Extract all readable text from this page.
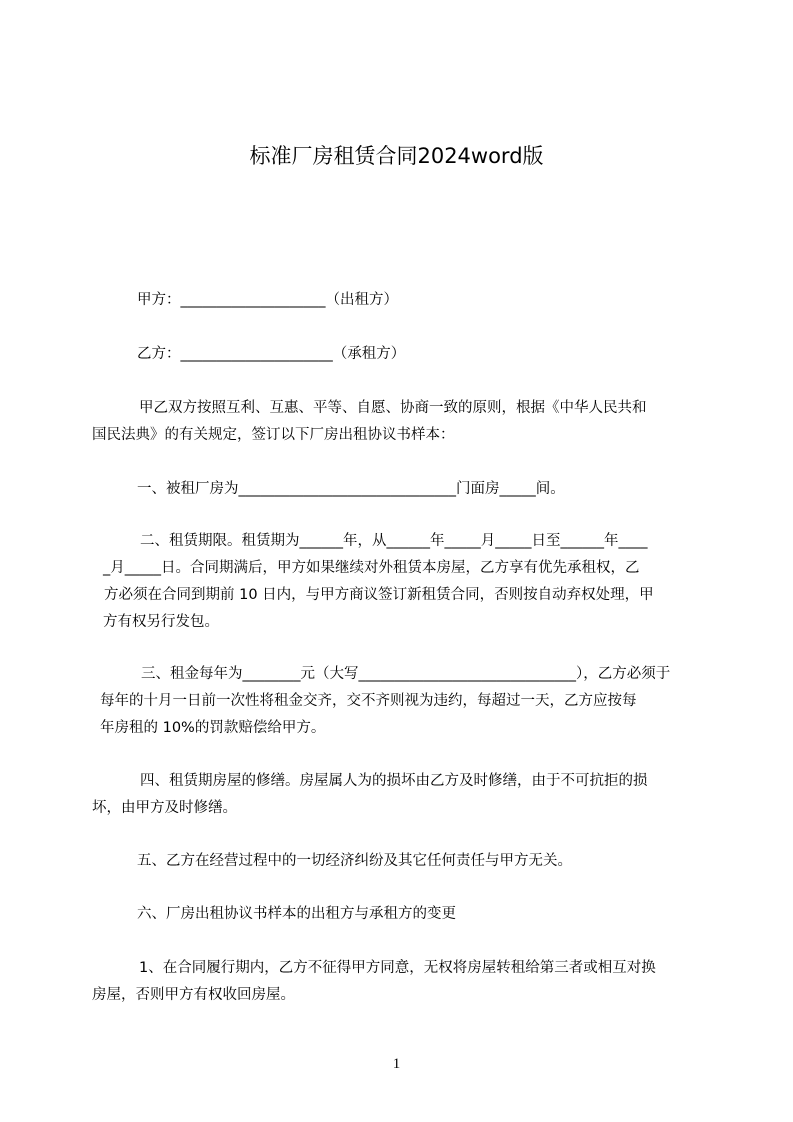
标准厂房租赁合同2024word版
甲方：____________________（出租方）
乙方：_____________________（承租方）
甲乙双方按照互利、互惠、平等、自愿、协商一致的原则，根据《中华人民共和
国民法典》的有关规定，签订以下厂房出租协议书样本：
一、被租厂房为______________________________门面房_____间。
二、租赁期限。租赁期为______年，从______年_____月_____日至______年____
_月_____日。合同期满后，甲方如果继续对外租赁本房屋，乙方享有优先承租权，乙
方必须在合同到期前 10 日内，与甲方商议签订新租赁合同，否则按自动弃权处理，甲
方有权另行发包。
三、租金每年为________元（大写______________________________），乙方必须于
每年的十月一日前一次性将租金交齐，交不齐则视为违约，每超过一天，乙方应按每
年房租的 10%的罚款赔偿给甲方。
四、租赁期房屋的修缮。房屋属人为的损坏由乙方及时修缮，由于不可抗拒的损
坏，由甲方及时修缮。
五、乙方在经营过程中的一切经济纠纷及其它任何责任与甲方无关。
六、厂房出租协议书样本的出租方与承租方的变更
1、在合同履行期内，乙方不征得甲方同意，无权将房屋转租给第三者或相互对换
房屋，否则甲方有权收回房屋。
1
